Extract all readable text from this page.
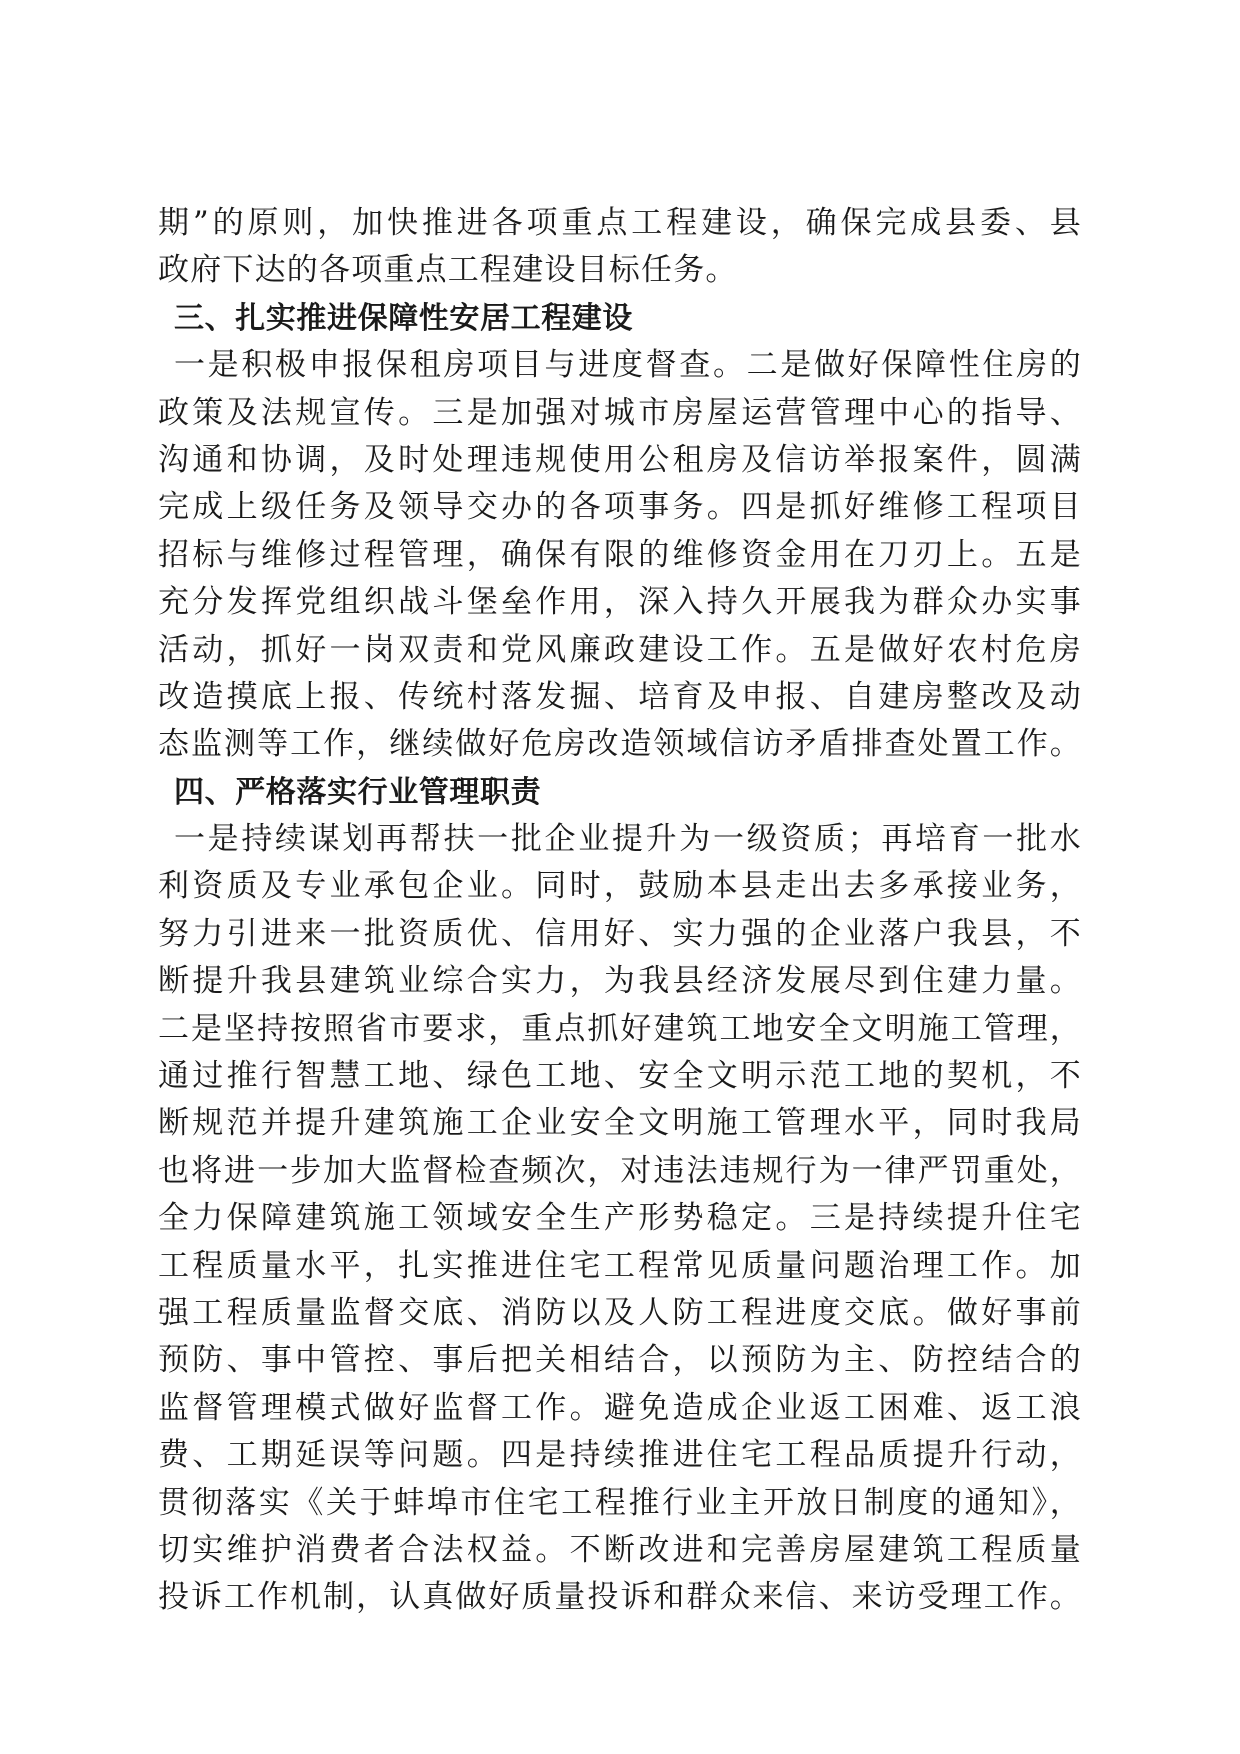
期”的原则，加快推进各项重点工程建设，确保完成县委、县
政府下达的各项重点工程建设目标任务。
三、扎实推进保障性安居工程建设
一是积极申报保租房项目与进度督查。二是做好保障性住房的
政策及法规宣传。三是加强对城市房屋运营管理中心的指导、
沟通和协调，及时处理违规使用公租房及信访举报案件，圆满
完成上级任务及领导交办的各项事务。四是抓好维修工程项目
招标与维修过程管理，确保有限的维修资金用在刀刃上。五是
充分发挥党组织战斗堡垒作用，深入持久开展我为群众办实事
活动，抓好一岗双责和党风廉政建设工作。五是做好农村危房
改造摸底上报、传统村落发掘、培育及申报、自建房整改及动
态监测等工作，继续做好危房改造领域信访矛盾排查处置工作。
四、严格落实行业管理职责
一是持续谋划再帮扶一批企业提升为一级资质；再培育一批水
利资质及专业承包企业。同时，鼓励本县走出去多承接业务，
努力引进来一批资质优、信用好、实力强的企业落户我县，不
断提升我县建筑业综合实力，为我县经济发展尽到住建力量。
二是坚持按照省市要求，重点抓好建筑工地安全文明施工管理，
通过推行智慧工地、绿色工地、安全文明示范工地的契机，不
断规范并提升建筑施工企业安全文明施工管理水平，同时我局
也将进一步加大监督检查频次，对违法违规行为一律严罚重处，
全力保障建筑施工领域安全生产形势稳定。三是持续提升住宅
工程质量水平，扎实推进住宅工程常见质量问题治理工作。加
强工程质量监督交底、消防以及人防工程进度交底。做好事前
预防、事中管控、事后把关相结合，以预防为主、防控结合的
监督管理模式做好监督工作。避免造成企业返工困难、返工浪
费、工期延误等问题。四是持续推进住宅工程品质提升行动，
贯彻落实《关于蚌埠市住宅工程推行业主开放日制度的通知》，
切实维护消费者合法权益。不断改进和完善房屋建筑工程质量
投诉工作机制，认真做好质量投诉和群众来信、来访受理工作。
